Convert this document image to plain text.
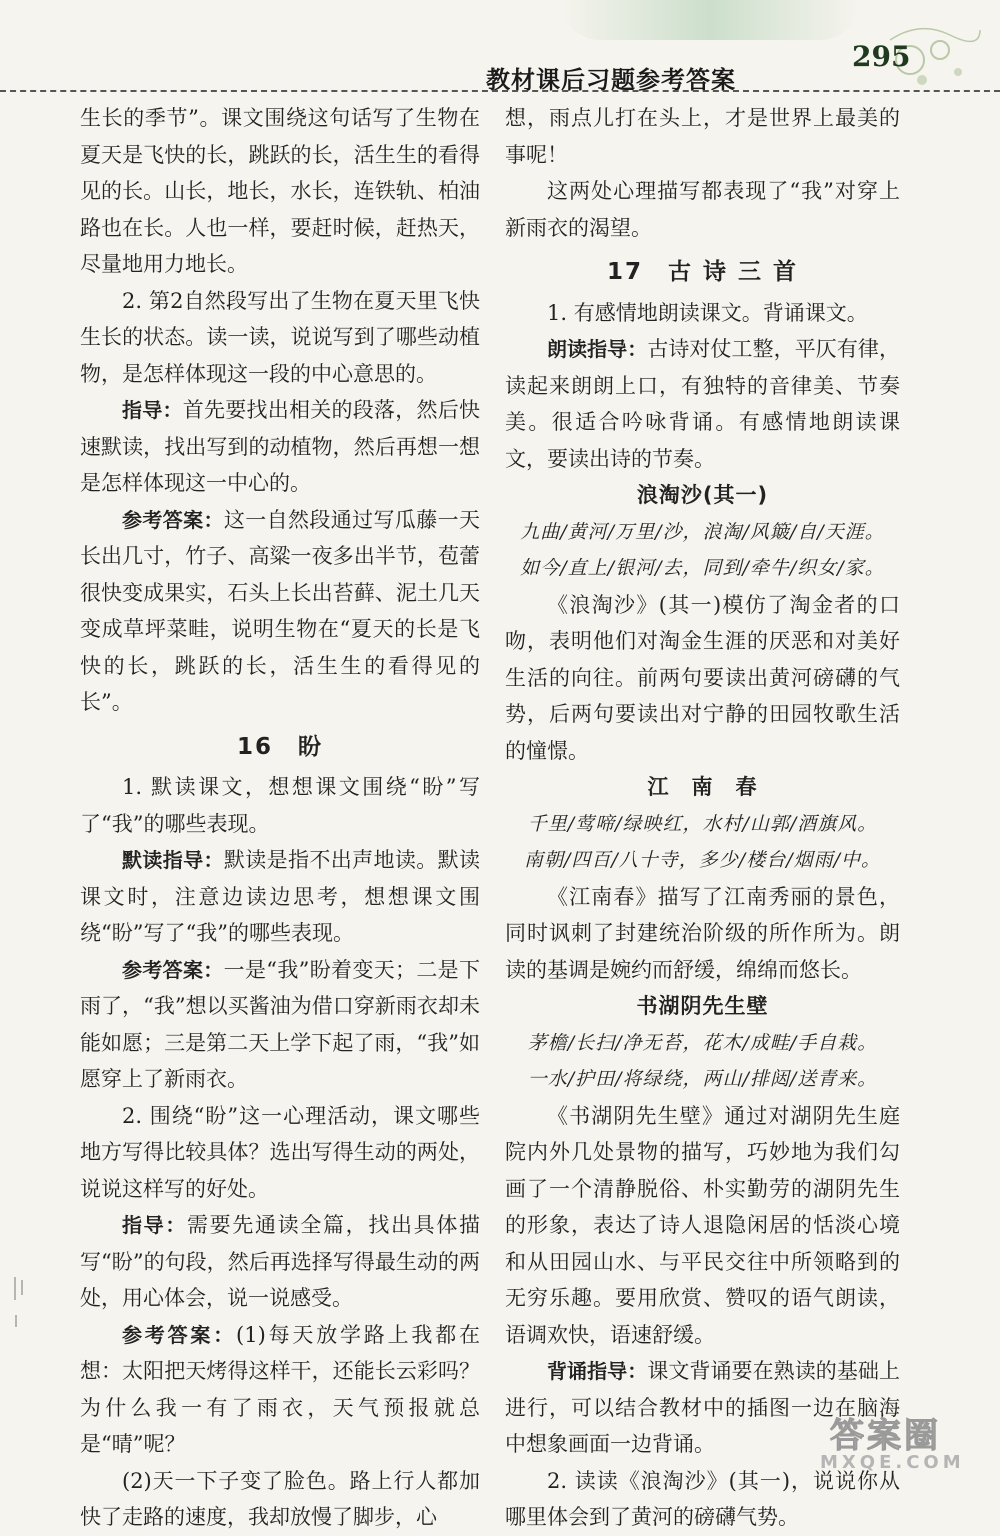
教材课后习题参考答案
295

生长的季节”。课文围绕这句话写了生物在夏天是飞快的长，跳跃的长，活生生的看得见的长。山长，地长，水长，连铁轨、柏油路也在长。人也一样，要赶时候，赶热天，尽量地用力地长。

2. 第2自然段写出了生物在夏天里飞快生长的状态。读一读，说说写到了哪些动植物，是怎样体现这一段的中心意思的。

指导：首先要找出相关的段落，然后快速默读，找出写到的动植物，然后再想一想是怎样体现这一中心的。

参考答案：这一自然段通过写瓜藤一天长出几寸，竹子、高粱一夜多出半节，苞蕾很快变成果实，石头上长出苔藓、泥土几天变成草坪菜畦，说明生物在“夏天的长是飞快的长，跳跃的长，活生生的看得见的长”。

16　盼

1. 默读课文，想想课文围绕“盼”写了“我”的哪些表现。

默读指导：默读是指不出声地读。默读课文时，注意边读边思考，想想课文围绕“盼”写了“我”的哪些表现。

参考答案：一是“我”盼着变天；二是下雨了，“我”想以买酱油为借口穿新雨衣却未能如愿；三是第二天上学下起了雨，“我”如愿穿上了新雨衣。

2. 围绕“盼”这一心理活动，课文哪些地方写得比较具体？选出写得生动的两处，说说这样写的好处。

指导：需要先通读全篇，找出具体描写“盼”的句段，然后再选择写得最生动的两处，用心体会，说一说感受。

参考答案：(1)每天放学路上我都在想：太阳把天烤得这样干，还能长云彩吗？为什么我一有了雨衣，天气预报就总是“晴”呢？

(2)天一下子变了脸色。路上行人都加快了走路的速度，我却放慢了脚步，心

想，雨点儿打在头上，才是世界上最美的事呢！

这两处心理描写都表现了“我”对穿上新雨衣的渴望。

17　古 诗 三 首

1. 有感情地朗读课文。背诵课文。

朗读指导：古诗对仗工整，平仄有律，读起来朗朗上口，有独特的音律美、节奏美。很适合吟咏背诵。有感情地朗读课文，要读出诗的节奏。

浪淘沙(其一)
九曲/黄河/万里/沙，浪淘/风簸/自/天涯。
如今/直上/银河/去，同到/牵牛/织女/家。

《浪淘沙》(其一)模仿了淘金者的口吻，表明他们对淘金生涯的厌恶和对美好生活的向往。前两句要读出黄河磅礴的气势，后两句要读出对宁静的田园牧歌生活的憧憬。

江　南　春
千里/莺啼/绿映红，水村/山郭/酒旗风。
南朝/四百/八十寺，多少/楼台/烟雨/中。

《江南春》描写了江南秀丽的景色，同时讽刺了封建统治阶级的所作所为。朗读的基调是婉约而舒缓，绵绵而悠长。

书湖阴先生壁
茅檐/长扫/净无苔，花木/成畦/手自栽。
一水/护田/将绿绕，两山/排闼/送青来。

《书湖阴先生壁》通过对湖阴先生庭院内外几处景物的描写，巧妙地为我们勾画了一个清静脱俗、朴实勤劳的湖阴先生的形象，表达了诗人退隐闲居的恬淡心境和从田园山水、与平民交往中所领略到的无穷乐趣。要用欣赏、赞叹的语气朗读，语调欢快，语速舒缓。

背诵指导：课文背诵要在熟读的基础上进行，可以结合教材中的插图一边在脑海中想象画面一边背诵。

2. 读读《浪淘沙》(其一)，说说你从哪里体会到了黄河的磅礴气势。

答案圈
MXQE.COM
